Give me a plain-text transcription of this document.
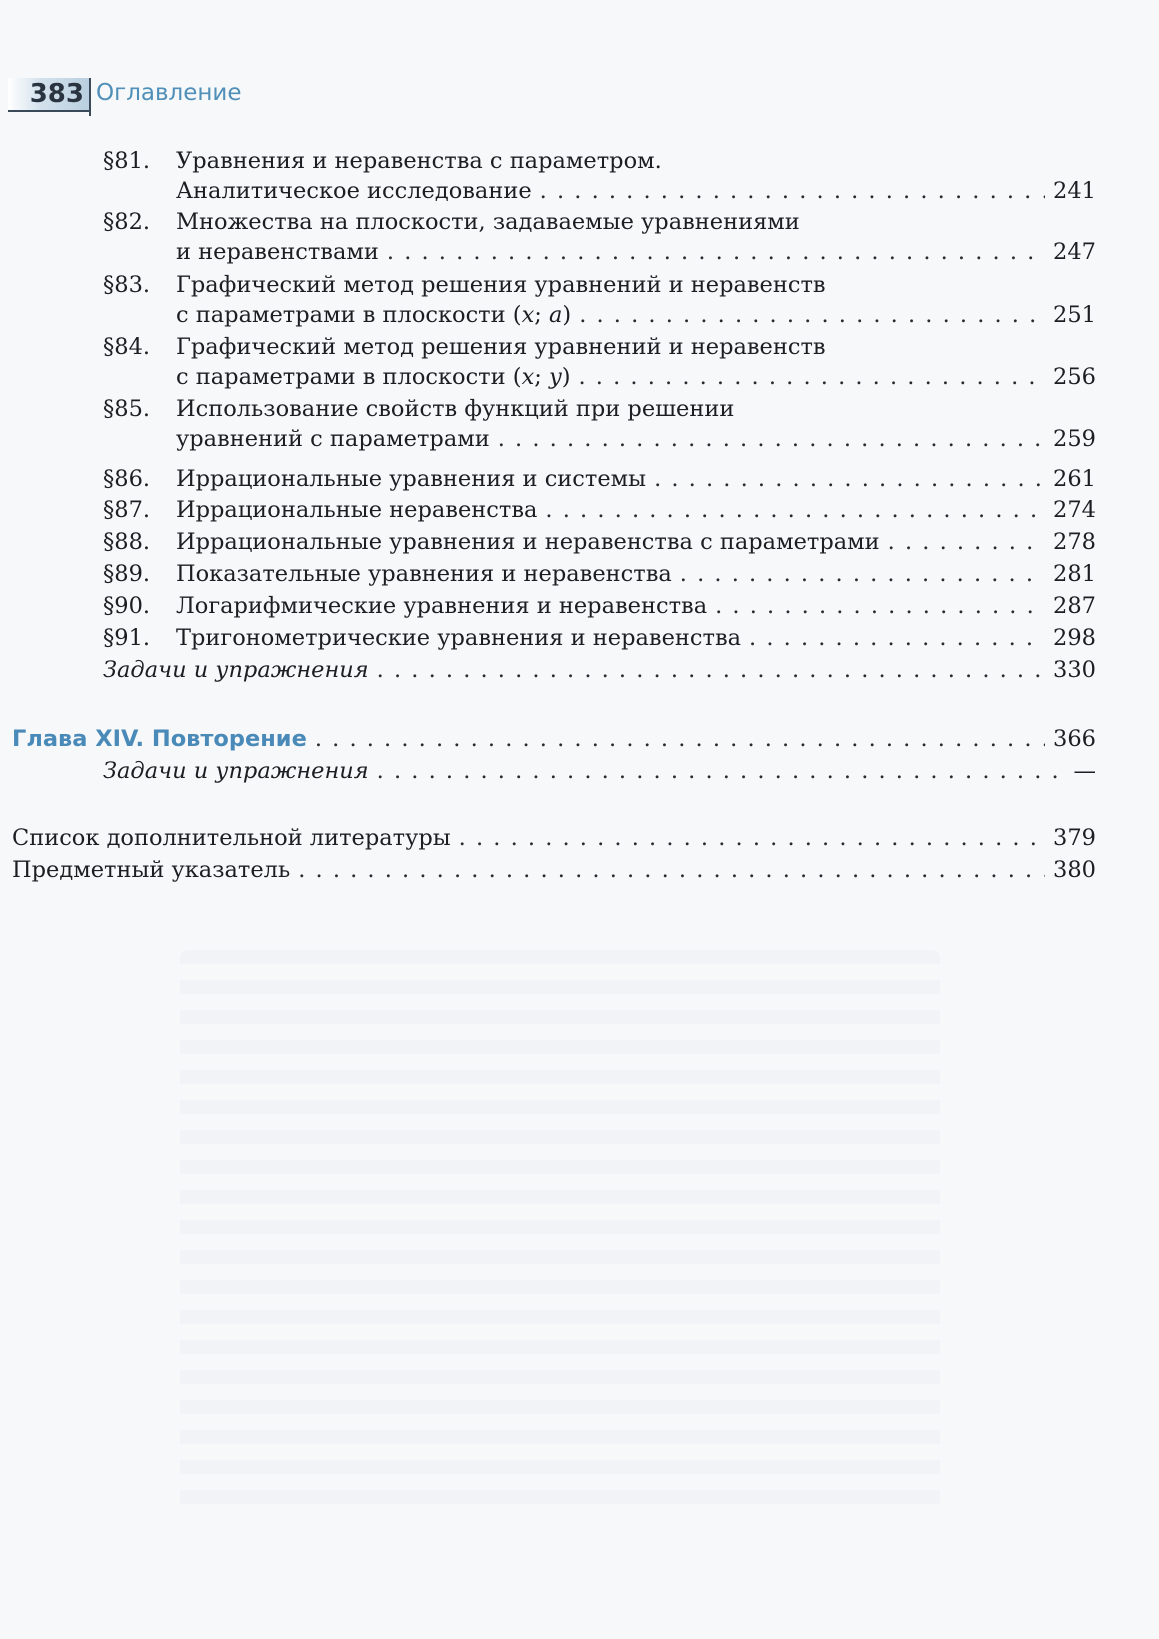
383 Оглавление
§81. Уравнения и неравенства с параметром.
Аналитическое исследование . . .	241
§82. Множества на плоскости, задаваемые уравнениями
и неравенствами . . .	247
§83. Графический метод решения уравнений и неравенств
с параметрами в плоскости (x; a) . . .	251
§84. Графический метод решения уравнений и неравенств
с параметрами в плоскости (x; y) . . .	256
§85. Использование свойств функций при решении
уравнений с параметрами . . .	259
§86.	Иррациональные уравнения и системы . . .	261
§87.	Иррациональные неравенства . . .	274
§88.	Иррациональные уравнения и неравенства с параметрами . . .	278
§89.	Показательные уравнения и неравенства . . .	281
§90.	Логарифмические уравнения и неравенства . . .	287
§91.	Тригонометрические уравнения и неравенства . . .	298
Задачи и упражнения . . .	330
Глава XIV. Повторение . . .	366
Задачи и упражнения . . .	—
Список дополнительной литературы . . .	379
Предметный указатель . . .	380
